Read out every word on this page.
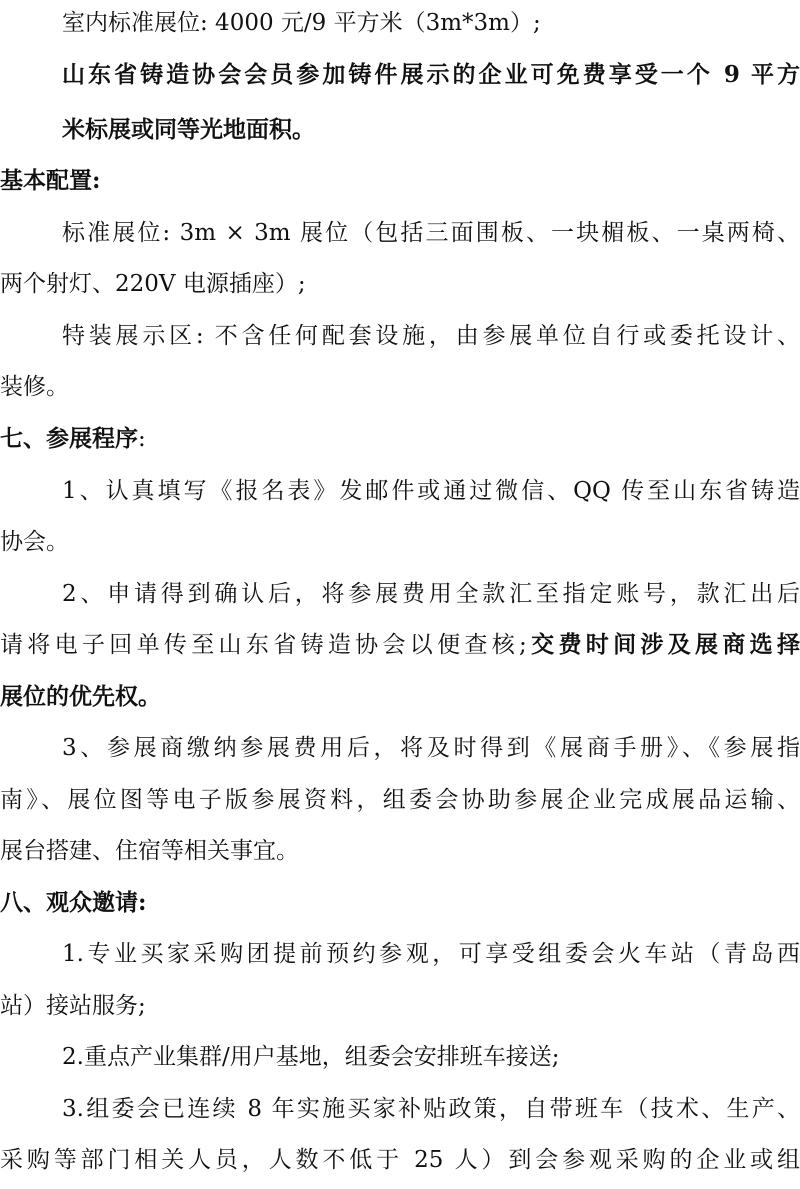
室内标准展位: 4000 元/9 平方米（3m*3m）;
山东省铸造协会会员参加铸件展示的企业可免费享受一个 9 平方
米标展或同等光地面积。
基本配置:
标准展位: 3m × 3m 展位（包括三面围板、一块楣板、一桌两椅、
两个射灯、220V 电源插座）;
特装展示区: 不含任何配套设施，由参展单位自行或委托设计、
装修。
七、参展程序:
1、认真填写《报名表》发邮件或通过微信、QQ 传至山东省铸造
协会。
2、申请得到确认后，将参展费用全款汇至指定账号，款汇出后
请将电子回单传至山东省铸造协会以便查核;交费时间涉及展商选择
展位的优先权。
3、参展商缴纳参展费用后，将及时得到《展商手册》、《参展指
南》、展位图等电子版参展资料，组委会协助参展企业完成展品运输、
展台搭建、住宿等相关事宜。
八、观众邀请:
1.专业买家采购团提前预约参观，可享受组委会火车站（青岛西
站）接站服务;
2.重点产业集群/用户基地，组委会安排班车接送;
3.组委会已连续 8 年实施买家补贴政策，自带班车（技术、生产、
采购等部门相关人员，人数不低于 25 人）到会参观采购的企业或组
